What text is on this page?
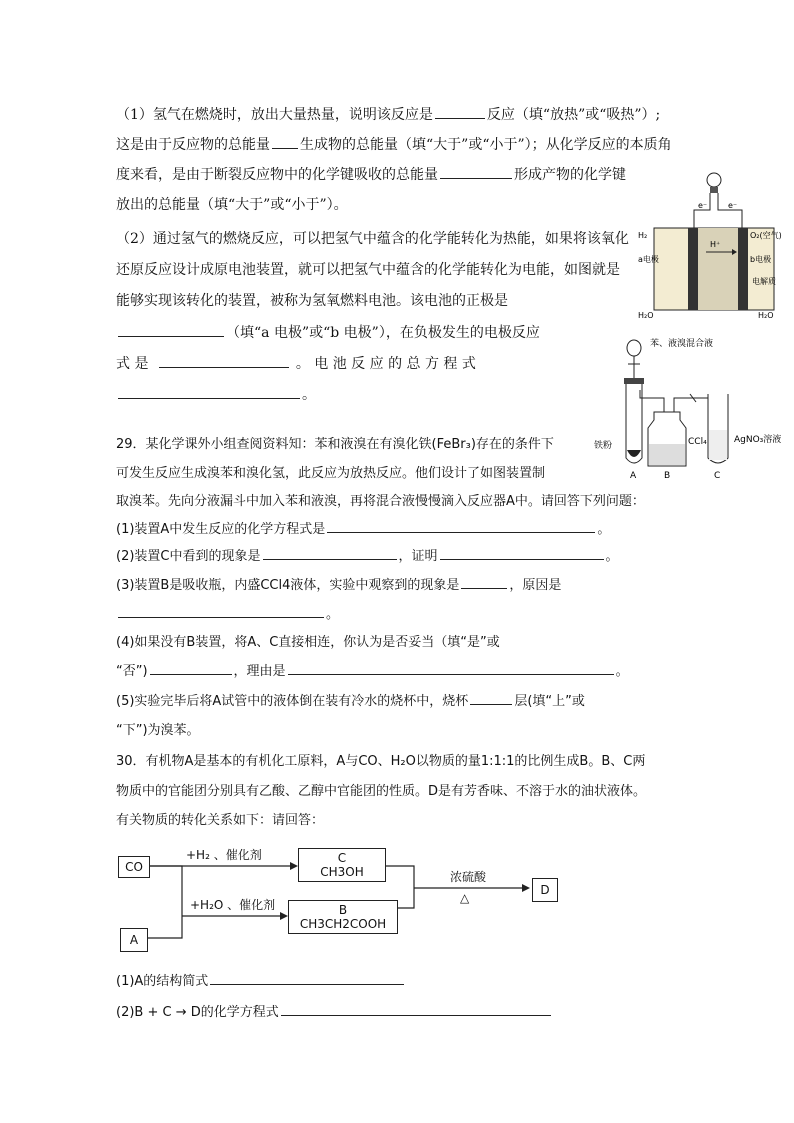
（1）氢气在燃烧时，放出大量热量，说明该反应是	反应（填“放热”或“吸热”）;
这是由于反应物的总能量 生成物的总能量（填“大于”或“小于”）；从化学反应的本质角
度来看，是由于断裂反应物中的化学键吸收的总能量	形成产物的化学键
放出的总能量（填“大于”或“小于”）。
（2）通过氢气的燃烧反应，可以把氢气中蕴含的化学能转化为热能，如果将该氧化
还原反应设计成原电池装置，就可以把氢气中蕴含的化学能转化为电能，如图就是
能够实现该转化的装置，被称为氢氧燃料电池。该电池的正极是
（填“a 电极”或“b 电极”），在负极发生的电极反应
式 是	。 电 池 反 应 的 总 方 程 式
。
H₂	O₂(空气)
a电极	b电极
电解质
H⁺
e⁻	e⁻
H₂O	H₂O
苯、液溴混合液
铁粉	CCl₄	AgNO₃溶液
A	B	C
29．某化学课外小组查阅资料知：苯和液溴在有溴化铁(FeBr₃)存在的条件下
可发生反应生成溴苯和溴化氢，此反应为放热反应。他们设计了如图装置制
取溴苯。先向分液漏斗中加入苯和液溴，再将混合液慢慢滴入反应器A中。请回答下列问题：
(1)装置A中发生反应的化学方程式是	。
(2)装置C中看到的现象是	，证明	。
(3)装置B是吸收瓶，内盛CCl4液体，实验中观察到的现象是	，原因是
。
(4)如果没有B装置，将A、C直接相连，你认为是否妥当（填“是”或
“否”)	，理由是	。
(5)实验完毕后将A试管中的液体倒在装有冷水的烧杯中，烧杯	层(填“上”或
“下”)为溴苯。
30．有机物A是基本的有机化工原料，A与CO、H₂O以物质的量1:1:1的比例生成B。B、C两
物质中的官能团分别具有乙酸、乙醇中官能团的性质。D是有芳香味、不溶于水的油状液体。
有关物质的转化关系如下：请回答：
CO
A
C
CH3OH
B
CH3CH2COOH
D
+H₂ 、催化剂
+H₂O 、催化剂
浓硫酸
△
(1)A的结构简式
(2)B + C → D的化学方程式
